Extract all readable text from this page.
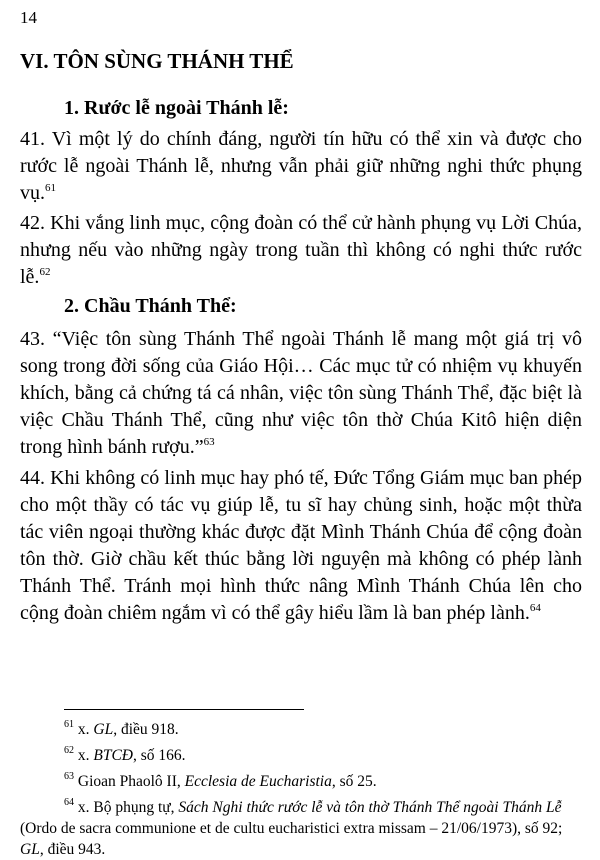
14
VI. TÔN SÙNG THÁNH THỂ
1. Rước lễ ngoài Thánh lễ:
41. Vì một lý do chính đáng, người tín hữu có thể xin và được cho rước lễ ngoài Thánh lễ, nhưng vẫn phải giữ những nghi thức phụng vụ.$^{61}$
42. Khi vắng linh mục, cộng đoàn có thể cử hành phụng vụ Lời Chúa, nhưng nếu vào những ngày trong tuần thì không có nghi thức rước lễ.$^{62}$
2. Chầu Thánh Thể:
43. “Việc tôn sùng Thánh Thể ngoài Thánh lễ mang một giá trị vô song trong đời sống của Giáo Hội… Các mục tử có nhiệm vụ khuyến khích, bằng cả chứng tá cá nhân, việc tôn sùng Thánh Thể, đặc biệt là việc Chầu Thánh Thể, cũng như việc tôn thờ Chúa Kitô hiện diện trong hình bánh rượu.”$^{63}$
44. Khi không có linh mục hay phó tế, Đức Tổng Giám mục ban phép cho một thầy có tác vụ giúp lễ, tu sĩ hay chủng sinh, hoặc một thừa tác viên ngoại thường khác được đặt Mình Thánh Chúa để cộng đoàn tôn thờ. Giờ chầu kết thúc bằng lời nguyện mà không có phép lành Thánh Thể. Tránh mọi hình thức nâng Mình Thánh Chúa lên cho cộng đoàn chiêm ngắm vì có thể gây hiểu lầm là ban phép lành.$^{64}$
$^{61}$ x. GL, điều 918.
$^{62}$ x. BTCĐ, số 166.
$^{63}$ Gioan Phaolô II, Ecclesia de Eucharistia, số 25.
$^{64}$ x. Bộ phụng tự, Sách Nghi thức rước lễ và tôn thờ Thánh Thể ngoài Thánh Lễ (Ordo de sacra communione et de cultu eucharistici extra missam – 21/06/1973), số 92; GL, điều 943.
